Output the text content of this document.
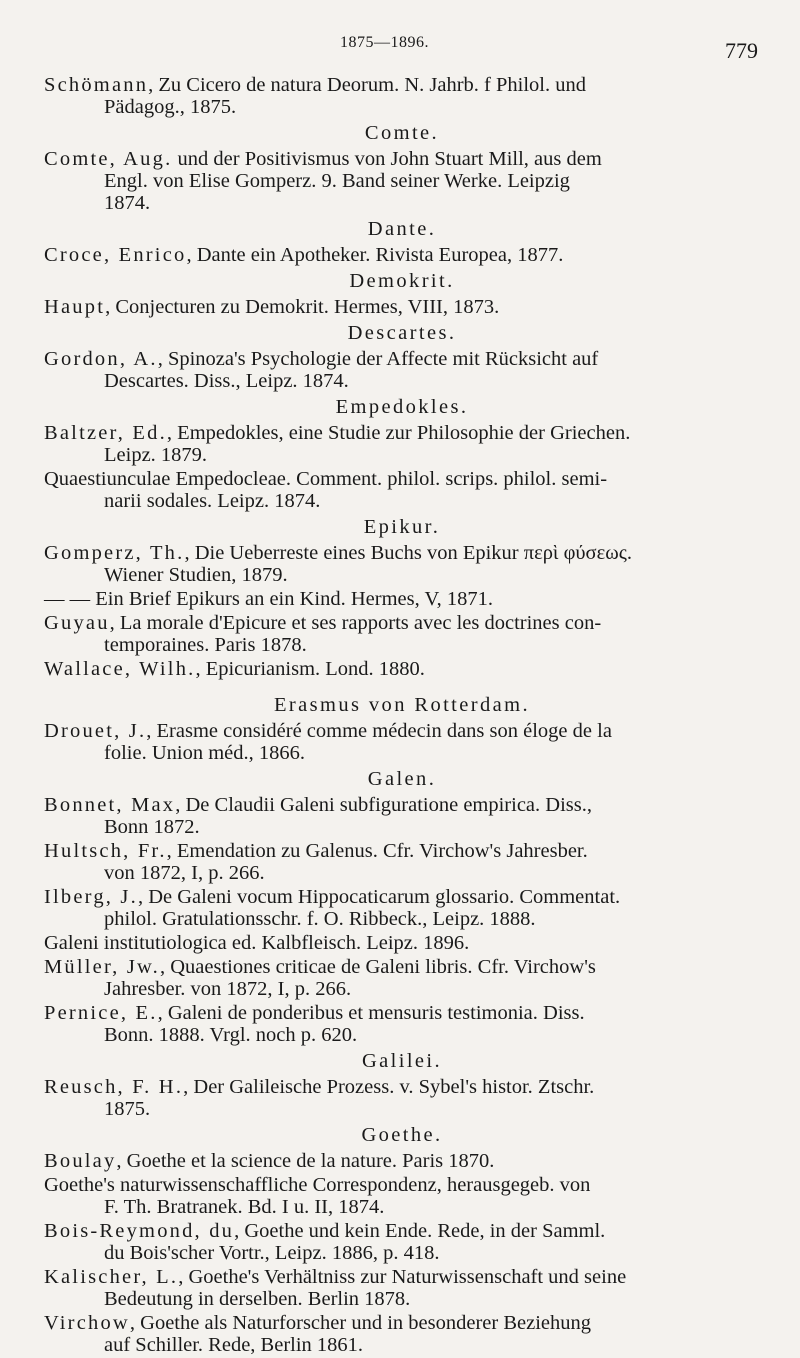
1875—1896.	779
Schömann, Zu Cicero de natura Deorum. N. Jahrb. f Philol. und
Pädagog., 1875.
Comte.
Comte, Aug. und der Positivismus von John Stuart Mill, aus dem
Engl. von Elise Gomperz. 9. Band seiner Werke. Leipzig
1874.
Dante.
Croce, Enrico, Dante ein Apotheker. Rivista Europea, 1877.
Demokrit.
Haupt, Conjecturen zu Demokrit. Hermes, VIII, 1873.
Descartes.
Gordon, A., Spinoza's Psychologie der Affecte mit Rücksicht auf
Descartes. Diss., Leipz. 1874.
Empedokles.
Baltzer, Ed., Empedokles, eine Studie zur Philosophie der Griechen.
Leipz. 1879.
Quaestiunculae Empedocleae. Comment. philol. scrips. philol. semi-
narii sodales. Leipz. 1874.
Epikur.
Gomperz, Th., Die Ueberreste eines Buchs von Epikur περὶ φύσεως.
Wiener Studien, 1879.
— — Ein Brief Epikurs an ein Kind. Hermes, V, 1871.
Guyau, La morale d'Epicure et ses rapports avec les doctrines con-
temporaines. Paris 1878.
Wallace, Wilh., Epicurianism. Lond. 1880.
Erasmus von Rotterdam.
Drouet, J., Erasme considéré comme médecin dans son éloge de la
folie. Union méd., 1866.
Galen.
Bonnet, Max, De Claudii Galeni subfiguratione empirica. Diss.,
Bonn 1872.
Hultsch, Fr., Emendation zu Galenus. Cfr. Virchow's Jahresber.
von 1872, I, p. 266.
Ilberg, J., De Galeni vocum Hippocaticarum glossario. Commentat.
philol. Gratulationsschr. f. O. Ribbeck., Leipz. 1888.
Galeni institutiologica ed. Kalbfleisch. Leipz. 1896.
Müller, Jw., Quaestiones criticae de Galeni libris. Cfr. Virchow's
Jahresber. von 1872, I, p. 266.
Pernice, E., Galeni de ponderibus et mensuris testimonia. Diss.
Bonn. 1888. Vrgl. noch p. 620.
Galilei.
Reusch, F. H., Der Galileische Prozess. v. Sybel's histor. Ztschr.
1875.
Goethe.
Boulay, Goethe et la science de la nature. Paris 1870.
Goethe's naturwissenschaffliche Correspondenz, herausgegeb. von
F. Th. Bratranek. Bd. I u. II, 1874.
Bois-Reymond, du, Goethe und kein Ende. Rede, in der Samml.
du Bois'scher Vortr., Leipz. 1886, p. 418.
Kalischer, L., Goethe's Verhältniss zur Naturwissenschaft und seine
Bedeutung in derselben. Berlin 1878.
Virchow, Goethe als Naturforscher und in besonderer Beziehung
auf Schiller. Rede, Berlin 1861.
